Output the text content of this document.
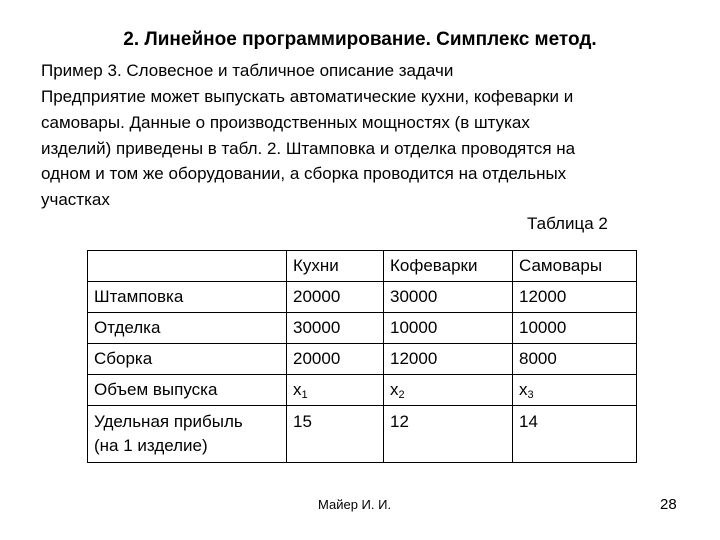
2. Линейное программирование. Симплекс метод.
Пример 3. Словесное и табличное описание задачи
Предприятие может выпускать автоматические кухни, кофеварки и
самовары. Данные о производственных мощностях (в штуках
изделий) приведены в табл. 2. Штамповка и отделка проводятся на
одном и том же оборудовании, а сборка проводится на отдельных
участках
Таблица 2
	Кухни	Кофеварки	Самовары
Штамповка	20000	30000	12000
Отделка	30000	10000	10000
Сборка	20000	12000	8000
Объем выпуска	$x_1$	$x_2$	$x_3$

Удельная прибыль
(на 1 изделие)	15	12	14
Майер И. И.	28
